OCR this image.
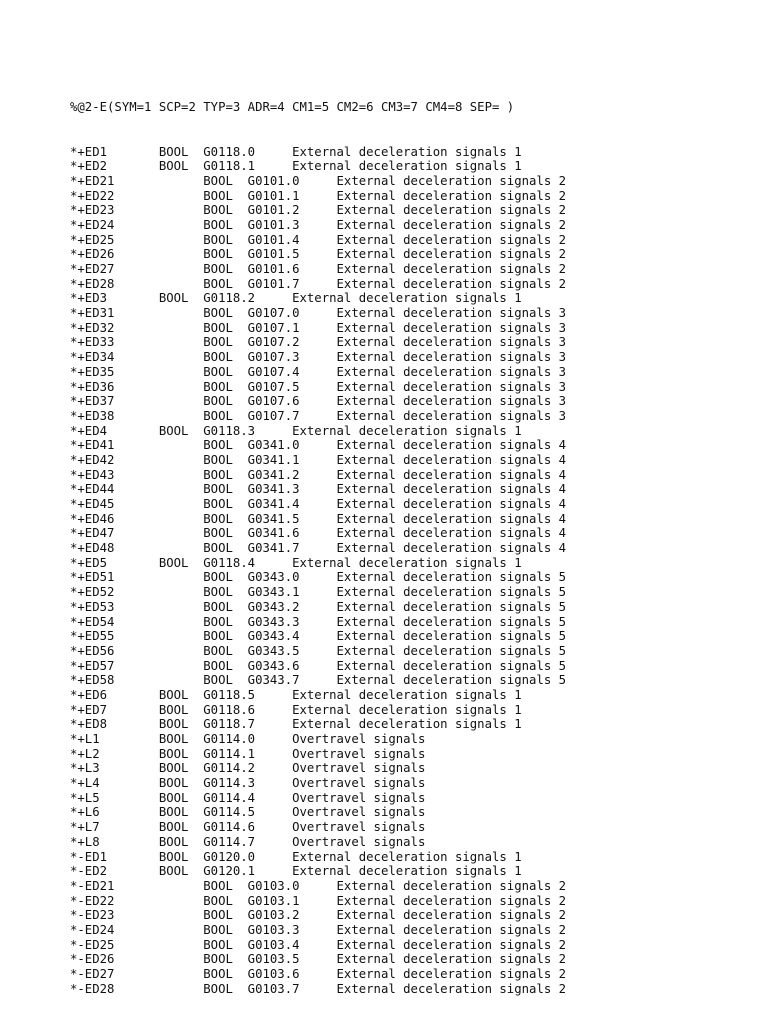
%@2-E(SYM=1 SCP=2 TYP=3 ADR=4 CM1=5 CM2=6 CM3=7 CM4=8 SEP= )

*+ED1       BOOL  G0118.0     External deceleration signals 1
*+ED2       BOOL  G0118.1     External deceleration signals 1
*+ED21            BOOL  G0101.0     External deceleration signals 2
*+ED22            BOOL  G0101.1     External deceleration signals 2
*+ED23            BOOL  G0101.2     External deceleration signals 2
*+ED24            BOOL  G0101.3     External deceleration signals 2
*+ED25            BOOL  G0101.4     External deceleration signals 2
*+ED26            BOOL  G0101.5     External deceleration signals 2
*+ED27            BOOL  G0101.6     External deceleration signals 2
*+ED28            BOOL  G0101.7     External deceleration signals 2
*+ED3       BOOL  G0118.2     External deceleration signals 1
*+ED31            BOOL  G0107.0     External deceleration signals 3
*+ED32            BOOL  G0107.1     External deceleration signals 3
*+ED33            BOOL  G0107.2     External deceleration signals 3
*+ED34            BOOL  G0107.3     External deceleration signals 3
*+ED35            BOOL  G0107.4     External deceleration signals 3
*+ED36            BOOL  G0107.5     External deceleration signals 3
*+ED37            BOOL  G0107.6     External deceleration signals 3
*+ED38            BOOL  G0107.7     External deceleration signals 3
*+ED4       BOOL  G0118.3     External deceleration signals 1
*+ED41            BOOL  G0341.0     External deceleration signals 4
*+ED42            BOOL  G0341.1     External deceleration signals 4
*+ED43            BOOL  G0341.2     External deceleration signals 4
*+ED44            BOOL  G0341.3     External deceleration signals 4
*+ED45            BOOL  G0341.4     External deceleration signals 4
*+ED46            BOOL  G0341.5     External deceleration signals 4
*+ED47            BOOL  G0341.6     External deceleration signals 4
*+ED48            BOOL  G0341.7     External deceleration signals 4
*+ED5       BOOL  G0118.4     External deceleration signals 1
*+ED51            BOOL  G0343.0     External deceleration signals 5
*+ED52            BOOL  G0343.1     External deceleration signals 5
*+ED53            BOOL  G0343.2     External deceleration signals 5
*+ED54            BOOL  G0343.3     External deceleration signals 5
*+ED55            BOOL  G0343.4     External deceleration signals 5
*+ED56            BOOL  G0343.5     External deceleration signals 5
*+ED57            BOOL  G0343.6     External deceleration signals 5
*+ED58            BOOL  G0343.7     External deceleration signals 5
*+ED6       BOOL  G0118.5     External deceleration signals 1
*+ED7       BOOL  G0118.6     External deceleration signals 1
*+ED8       BOOL  G0118.7     External deceleration signals 1
*+L1        BOOL  G0114.0     Overtravel signals
*+L2        BOOL  G0114.1     Overtravel signals
*+L3        BOOL  G0114.2     Overtravel signals
*+L4        BOOL  G0114.3     Overtravel signals
*+L5        BOOL  G0114.4     Overtravel signals
*+L6        BOOL  G0114.5     Overtravel signals
*+L7        BOOL  G0114.6     Overtravel signals
*+L8        BOOL  G0114.7     Overtravel signals
*-ED1       BOOL  G0120.0     External deceleration signals 1
*-ED2       BOOL  G0120.1     External deceleration signals 1
*-ED21            BOOL  G0103.0     External deceleration signals 2
*-ED22            BOOL  G0103.1     External deceleration signals 2
*-ED23            BOOL  G0103.2     External deceleration signals 2
*-ED24            BOOL  G0103.3     External deceleration signals 2
*-ED25            BOOL  G0103.4     External deceleration signals 2
*-ED26            BOOL  G0103.5     External deceleration signals 2
*-ED27            BOOL  G0103.6     External deceleration signals 2
*-ED28            BOOL  G0103.7     External deceleration signals 2
